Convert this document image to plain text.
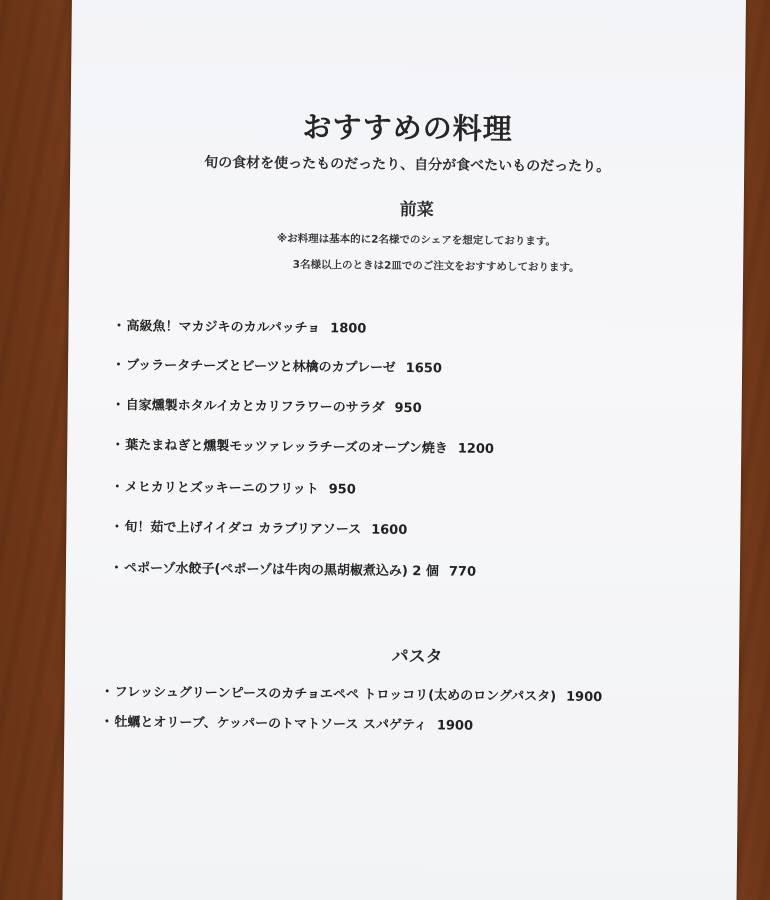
おすすめの料理
旬の食材を使ったものだったり、自分が食べたいものだったり。
前菜
※お料理は基本的に2名様でのシェアを想定しております。
3名様以上のときは2皿でのご注文をおすすめしております。
・高級魚！マカジキのカルパッチョ 1800
・ブッラータチーズとビーツと林檎のカプレーゼ 1650
・自家燻製ホタルイカとカリフラワーのサラダ 950
・葉たまねぎと燻製モッツァレッラチーズのオーブン焼き 1200
・メヒカリとズッキーニのフリット 950
・旬！茹で上げイイダコ カラブリアソース 1600
・ペポーゾ水餃子(ペポーゾは牛肉の黒胡椒煮込み) 2 個 770
パスタ
・フレッシュグリーンピースのカチョエペペ トロッコリ(太めのロングパスタ) 1900
・牡蠣とオリーブ、ケッパーのトマトソース スパゲティ 1900
